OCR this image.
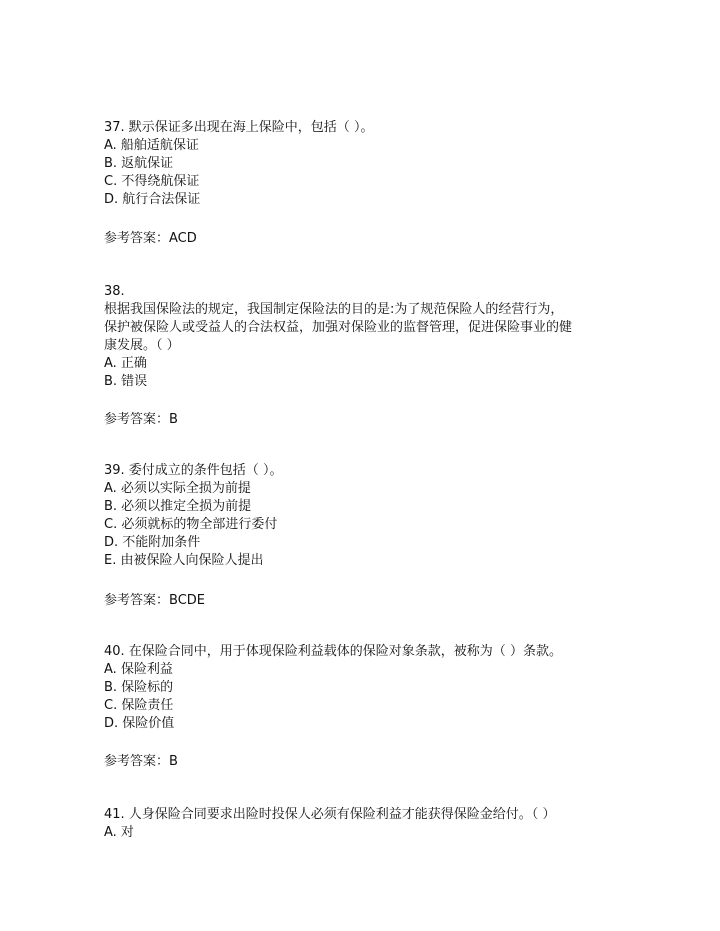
37. 默示保证多出现在海上保险中，包括（ ）。
A. 船舶适航保证
B. 返航保证
C. 不得绕航保证
D. 航行合法保证
参考答案：ACD
38.
根据我国保险法的规定，我国制定保险法的目的是:为了规范保险人的经营行为，
保护被保险人或受益人的合法权益，加强对保险业的监督管理，促进保险事业的健
康发展。（ ）
A. 正确
B. 错误
参考答案：B
39. 委付成立的条件包括（ ）。
A. 必须以实际全损为前提
B. 必须以推定全损为前提
C. 必须就标的物全部进行委付
D. 不能附加条件
E. 由被保险人向保险人提出
参考答案：BCDE
40. 在保险合同中，用于体现保险利益载体的保险对象条款，被称为（ ）条款。
A. 保险利益
B. 保险标的
C. 保险责任
D. 保险价值
参考答案：B
41. 人身保险合同要求出险时投保人必须有保险利益才能获得保险金给付。（ ）
A. 对
